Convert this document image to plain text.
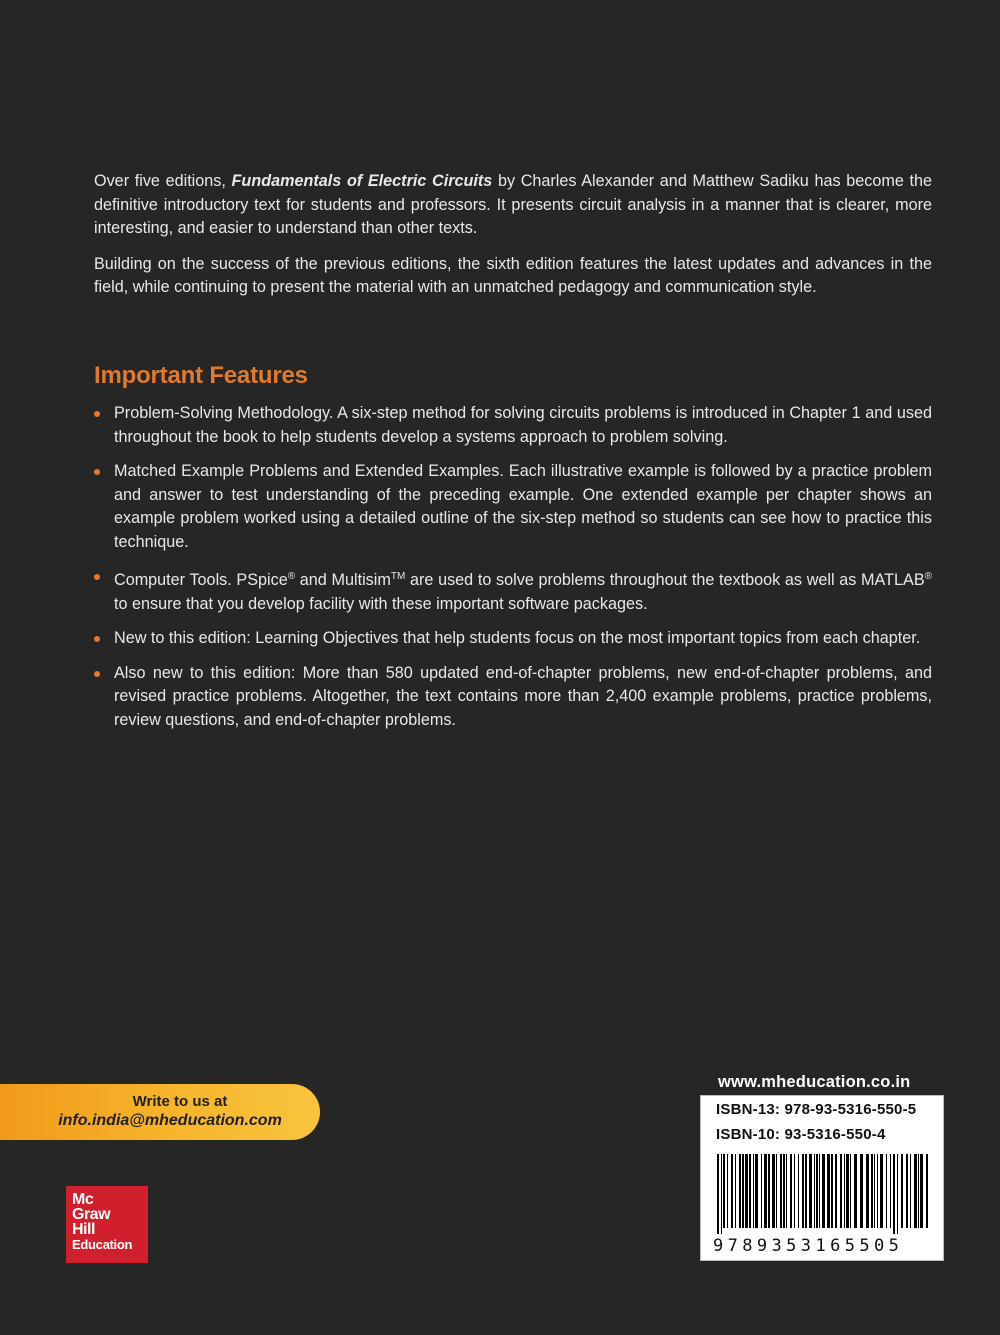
Over five editions, Fundamentals of Electric Circuits by Charles Alexander and Matthew Sadiku has become the definitive introductory text for students and professors. It presents circuit analysis in a manner that is clearer, more interesting, and easier to understand than other texts.

Building on the success of the previous editions, the sixth edition features the latest updates and advances in the field, while continuing to present the material with an unmatched pedagogy and communication style.

Important Features
Problem-Solving Methodology. A six-step method for solving circuits problems is introduced in Chapter 1 and used throughout the book to help students develop a systems approach to problem solving.
Matched Example Problems and Extended Examples. Each illustrative example is followed by a practice problem and answer to test understanding of the preceding example. One extended example per chapter shows an example problem worked using a detailed outline of the six-step method so students can see how to practice this technique.
Computer Tools. PSpice® and Multisim™ are used to solve problems throughout the textbook as well as MATLAB® to ensure that you develop facility with these important software packages.
New to this edition: Learning Objectives that help students focus on the most important topics from each chapter.
Also new to this edition: More than 580 updated end-of-chapter problems, new end-of-chapter problems, and revised practice problems. Altogether, the text contains more than 2,400 example problems, practice problems, review questions, and end-of-chapter problems.
Write to us at
info.india@mheducation.com
Mc
Graw
Hill
Education
www.mheducation.co.in
ISBN-13: 978-93-5316-550-5
ISBN-10: 93-5316-550-4
9789353165505
